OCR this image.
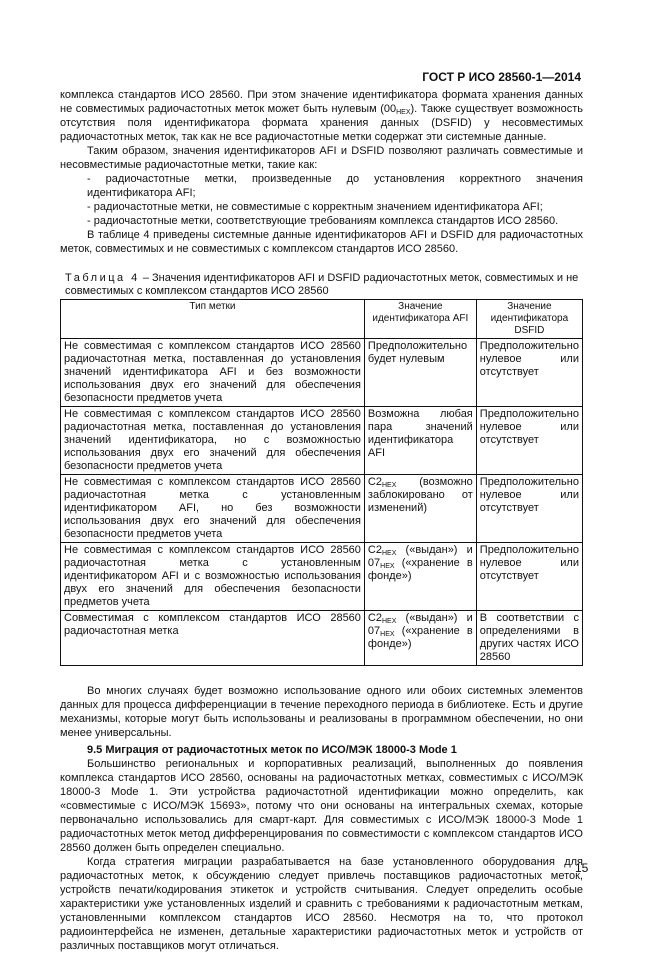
ГОСТ Р ИСО 28560-1—2014

комплекса стандартов ИСО 28560. При этом значение идентификатора формата хранения данных не совместимых радиочастотных меток может быть нулевым $(00_{HEX})$. Также существует возможность отсутствия поля идентификатора формата хранения данных (DSFID) у несовместимых радиочастотных меток, так как не все радиочастотные метки содержат эти системные данные.

Таким образом, значения идентификаторов AFI и DSFID позволяют различать совместимые и несовместимые радиочастотные метки, такие как:

- радиочастотные метки, произведенные до установления корректного значения идентификатора AFI;
- радиочастотные метки, не совместимые с корректным значением идентификатора AFI;
- радиочастотные метки, соответствующие требованиям комплекса стандартов ИСО 28560.

В таблице 4 приведены системные данные идентификаторов AFI и DSFID для радиочастотных меток, совместимых и не совместимых с комплексом стандартов ИСО 28560.

Таблица 4 – Значения идентификаторов AFI и DSFID радиочастотных меток, совместимых и не совместимых с комплексом стандартов ИСО 28560
Тип метки	Значение идентификатора AFI	Значение идентификатора DSFID
Не совместимая с комплексом стандартов ИСО 28560 радиочастотная метка, поставленная до установления значений идентификатора AFI и без возможности использования двух его значений для обеспечения безопасности предметов учета	Предположительно будет нулевым	Предположительно нулевое или отсутствует
Не совместимая с комплексом стандартов ИСО 28560 радиочастотная метка, поставленная до установления значений идентификатора, но с возможностью использования двух его значений для обеспечения безопасности предметов учета	Возможна любая пара значений идентификатора AFI	Предположительно нулевое или отсутствует
Не совместимая с комплексом стандартов ИСО 28560 радиочастотная метка с установленным идентификатором AFI, но без возможности использования двух его значений для обеспечения безопасности предметов учета	$C2_{HEX}$ (возможно заблокировано от изменений)	Предположительно нулевое или отсутствует
Не совместимая с комплексом стандартов ИСО 28560 радиочастотная метка с установленным идентификатором AFI и с возможностью использования двух его значений для обеспечения безопасности предметов учета	$C2_{HEX}$ («выдан») и $07_{HEX}$ («хранение в фонде»)	Предположительно нулевое или отсутствует
Совместимая с комплексом стандартов ИСО 28560 радиочастотная метка	$C2_{HEX}$ («выдан») и $07_{HEX}$ («хранение в фонде»)	В соответствии с определениями в других частях ИСО 28560

Во многих случаях будет возможно использование одного или обоих системных элементов данных для процесса дифференциации в течение переходного периода в библиотеке. Есть и другие механизмы, которые могут быть использованы и реализованы в программном обеспечении, но они менее универсальны.

9.5 Миграция от радиочастотных меток по ИСО/МЭК 18000-3 Mode 1

Большинство региональных и корпоративных реализаций, выполненных до появления комплекса стандартов ИСО 28560, основаны на радиочастотных метках, совместимых с ИСО/МЭК 18000-3 Mode 1. Эти устройства радиочастотной идентификации можно определить, как «совместимые с ИСО/МЭК 15693», потому что они основаны на интегральных схемах, которые первоначально использовались для смарт-карт. Для совместимых с ИСО/МЭК 18000-3 Mode 1 радиочастотных меток метод дифференцирования по совместимости с комплексом стандартов ИСО 28560 должен быть определен специально.

Когда стратегия миграции разрабатывается на базе установленного оборудования для радиочастотных меток, к обсуждению следует привлечь поставщиков радиочастотных меток, устройств печати/кодирования этикеток и устройств считывания. Следует определить особые характеристики уже установленных изделий и сравнить с требованиями к радиочастотным меткам, установленными комплексом стандартов ИСО 28560. Несмотря на то, что протокол радиоинтерфейса не изменен, детальные характеристики радиочастотных меток и устройств от различных поставщиков могут отличаться.

15
